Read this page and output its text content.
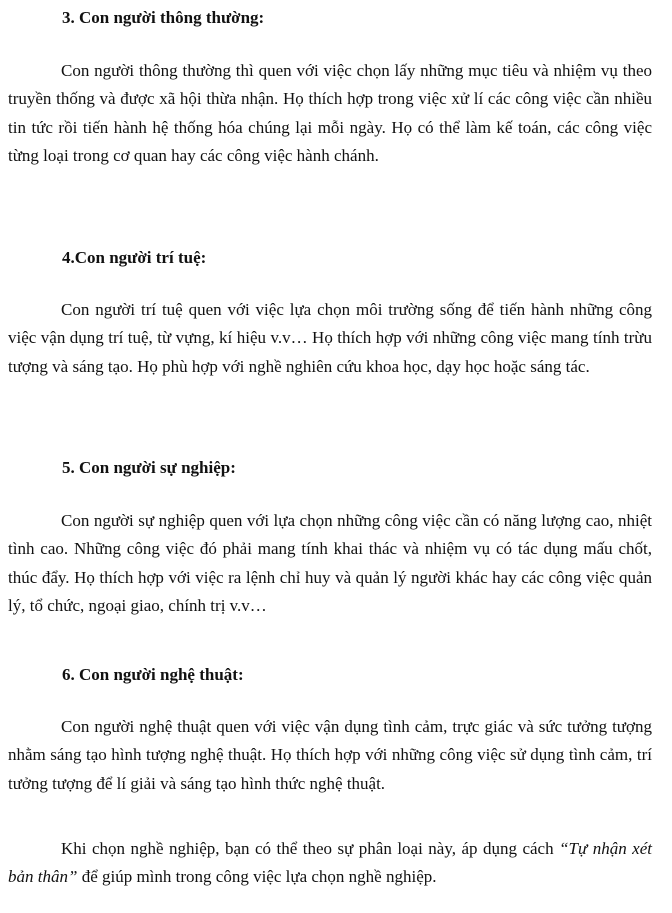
3. Con người thông thường:

Con người thông thường thì quen với việc chọn lấy những mục tiêu và nhiệm vụ theo truyền thống và được xã hội thừa nhận. Họ thích hợp trong việc xử lí các công việc cần nhiều tin tức rồi tiến hành hệ thống hóa chúng lại mỗi ngày. Họ có thể làm kế toán, các công việc từng loại trong cơ quan hay các công việc hành chánh.

4.Con người trí tuệ:

Con người trí tuệ quen với việc lựa chọn môi trường sống để tiến hành những công việc vận dụng trí tuệ, từ vựng, kí hiệu v.v… Họ thích hợp với những công việc mang tính trừu tượng và sáng tạo. Họ phù hợp với nghề nghiên cứu khoa học, dạy học hoặc sáng tác.

5. Con người sự nghiệp:

Con người sự nghiệp quen với lựa chọn những công việc cần có năng lượng cao, nhiệt tình cao. Những công việc đó phải mang tính khai thác và nhiệm vụ có tác dụng mấu chốt, thúc đẩy. Họ thích hợp với việc ra lệnh chỉ huy và quản lý người khác hay các công việc quản lý, tổ chức, ngoại giao, chính trị v.v…

6. Con người nghệ thuật:

Con người nghệ thuật quen với việc vận dụng tình cảm, trực giác và sức tưởng tượng nhằm sáng tạo hình tượng nghệ thuật. Họ thích hợp với những công việc sử dụng tình cảm, trí tưởng tượng để lí giải và sáng tạo hình thức nghệ thuật.

Khi chọn nghề nghiệp, bạn có thể theo sự phân loại này, áp dụng cách “Tự nhận xét bản thân” để giúp mình trong công việc lựa chọn nghề nghiệp.
